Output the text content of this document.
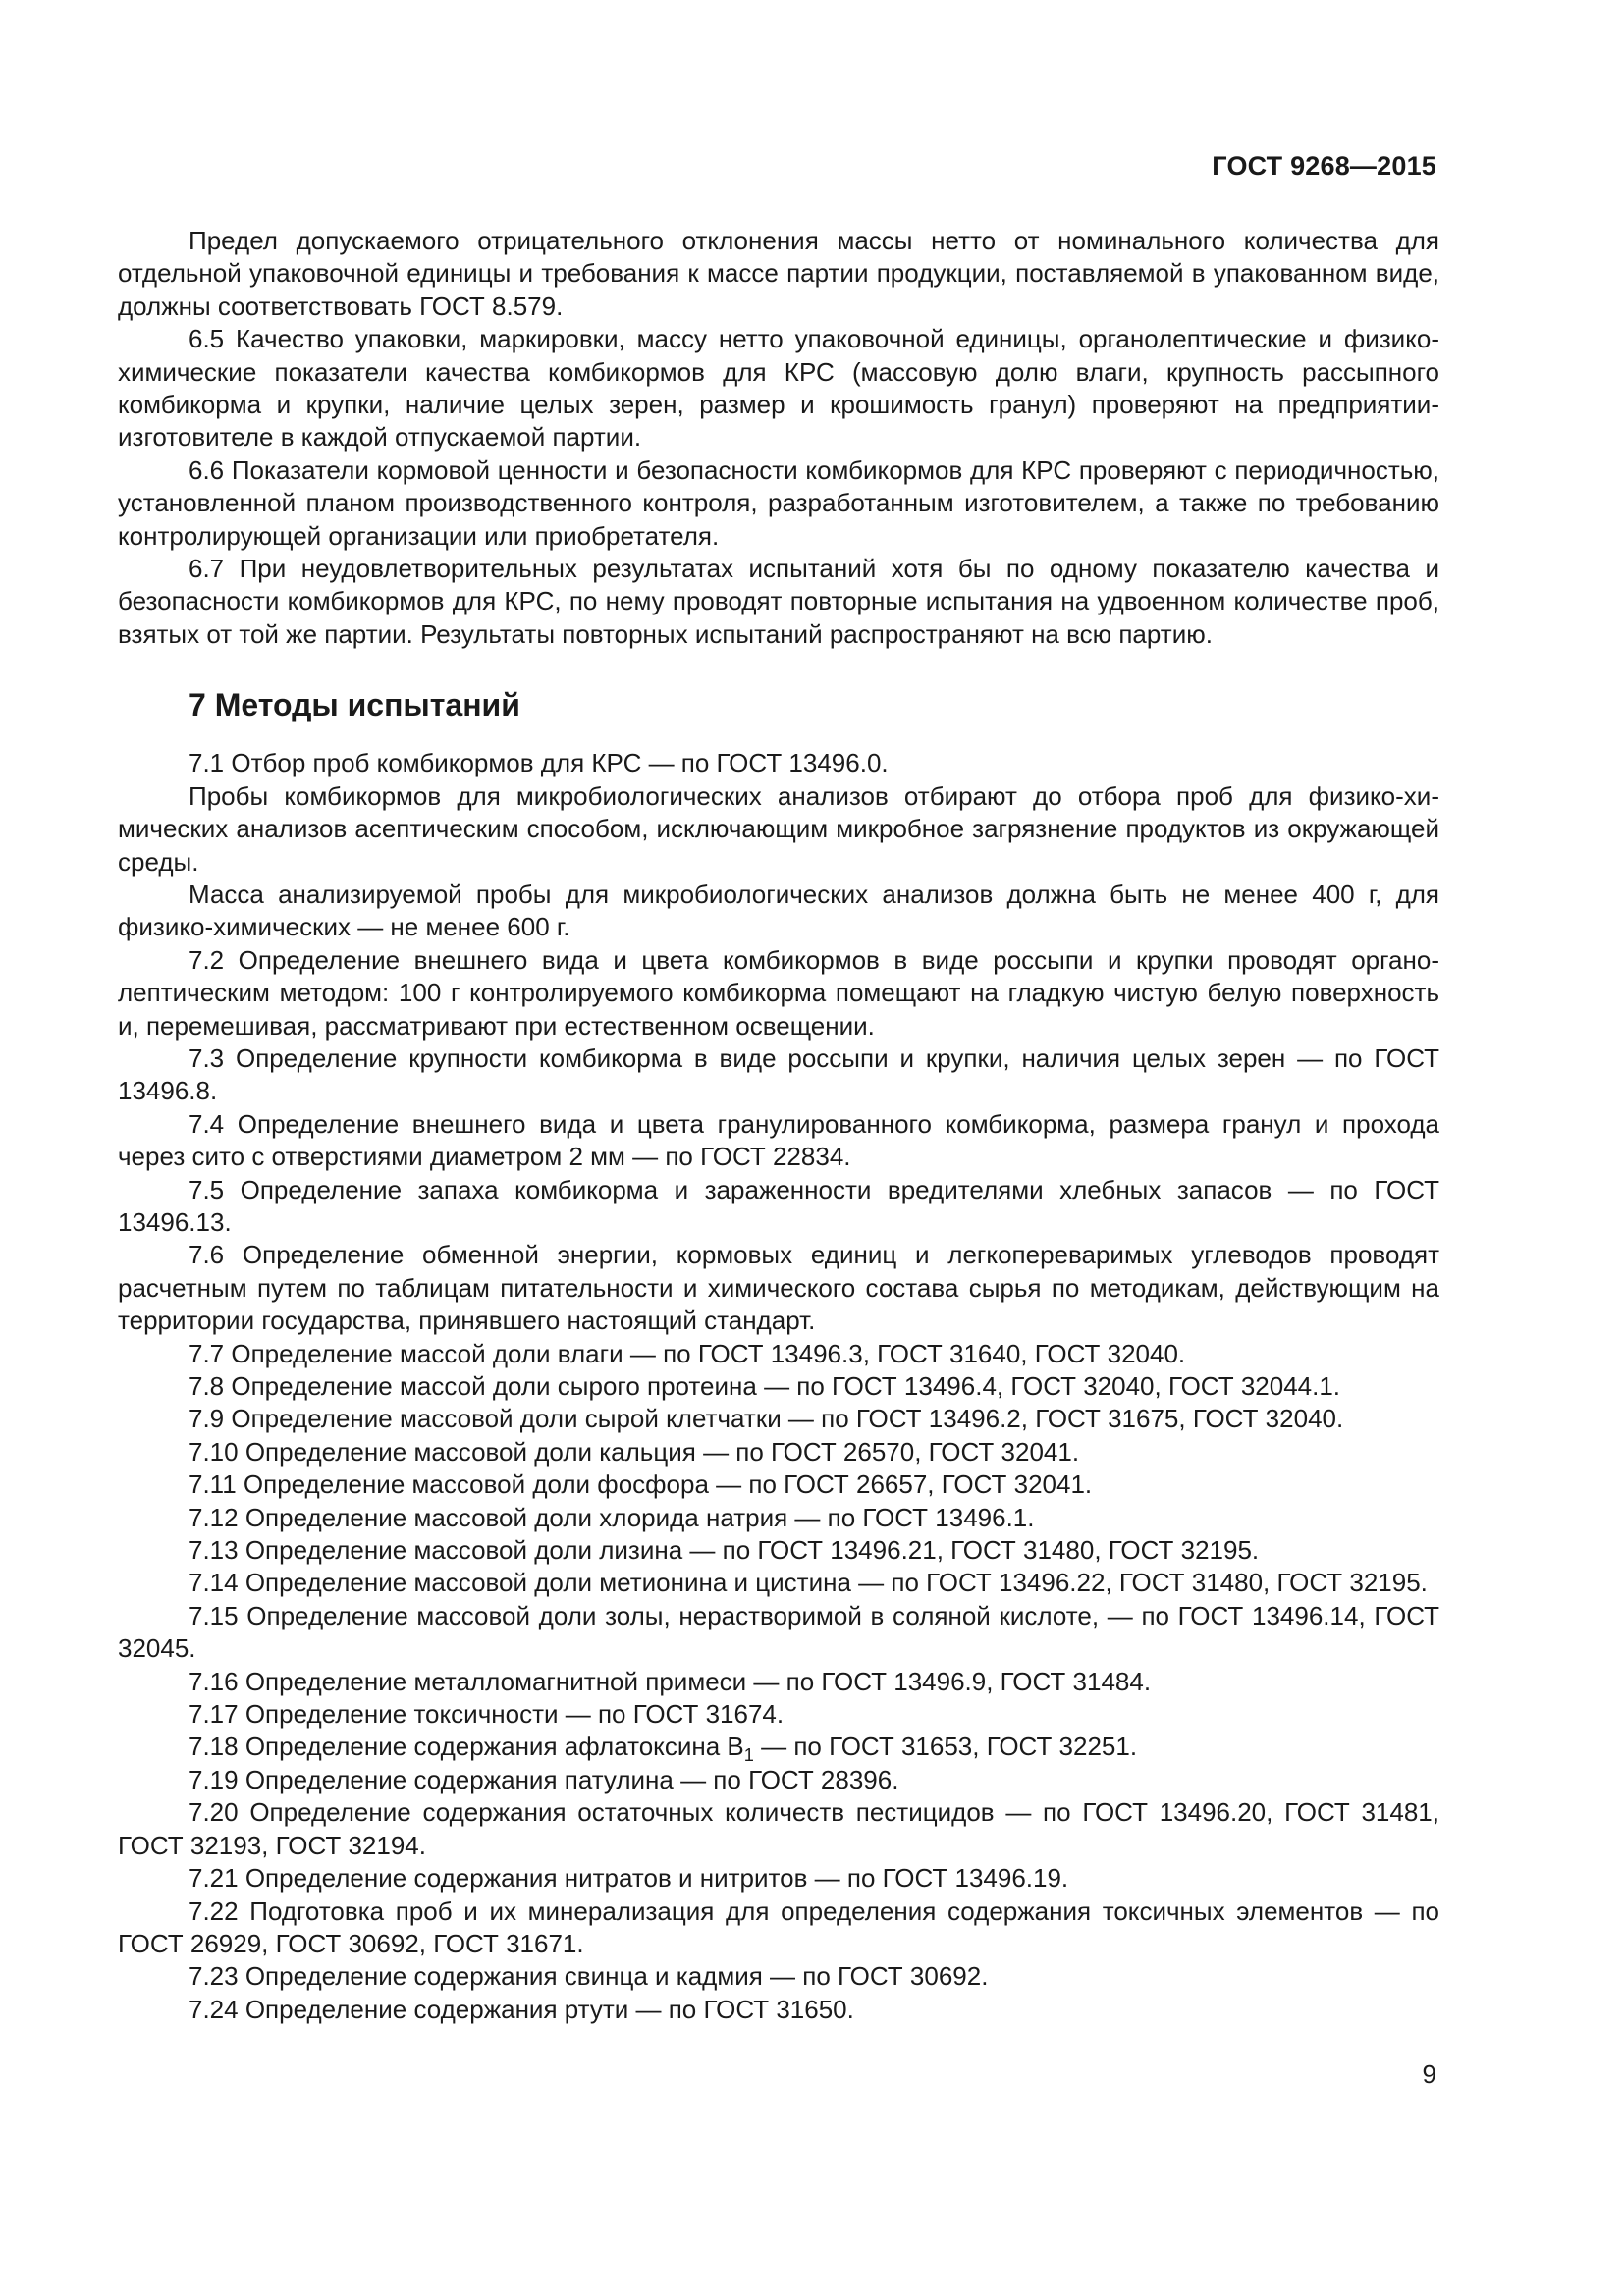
ГОСТ 9268—2015

Предел допускаемого отрицательного отклонения массы нетто от номинального количества для отдельной упаковочной единицы и требования к массе партии продукции, поставляемой в упакованном виде, должны соответствовать ГОСТ 8.579.

6.5 Качество упаковки, маркировки, массу нетто упаковочной единицы, органолептические и физико-химические показатели качества комбикормов для КРС (массовую долю влаги, крупность рассыпного комбикорма и крупки, наличие целых зерен, размер и крошимость гранул) проверяют на предприятии-изготовителе в каждой отпускаемой партии.

6.6 Показатели кормовой ценности и безопасности комбикормов для КРС проверяют с периодичностью, установленной планом производственного контроля, разработанным изготовителем, а также по требованию контролирующей организации или приобретателя.

6.7 При неудовлетворительных результатах испытаний хотя бы по одному показателю качества и безопасности комбикормов для КРС, по нему проводят повторные испытания на удвоенном количестве проб, взятых от той же партии. Результаты повторных испытаний распространяют на всю партию.

7 Методы испытаний

7.1 Отбор проб комбикормов для КРС — по ГОСТ 13496.0.

Пробы комбикормов для микробиологических анализов отбирают до отбора проб для физико-химических анализов асептическим способом, исключающим микробное загрязнение продуктов из окружающей среды.

Масса анализируемой пробы для микробиологических анализов должна быть не менее 400 г, для физико-химических — не менее 600 г.

7.2 Определение внешнего вида и цвета комбикормов в виде россыпи и крупки проводят органолептическим методом: 100 г контролируемого комбикорма помещают на гладкую чистую белую поверхность и, перемешивая, рассматривают при естественном освещении.

7.3 Определение крупности комбикорма в виде россыпи и крупки, наличия целых зерен — по ГОСТ 13496.8.

7.4 Определение внешнего вида и цвета гранулированного комбикорма, размера гранул и прохода через сито с отверстиями диаметром 2 мм — по ГОСТ 22834.

7.5 Определение запаха комбикорма и зараженности вредителями хлебных запасов — по ГОСТ 13496.13.

7.6 Определение обменной энергии, кормовых единиц и легкопереваримых углеводов проводят расчетным путем по таблицам питательности и химического состава сырья по методикам, действующим на территории государства, принявшего настоящий стандарт.

7.7 Определение массой доли влаги — по ГОСТ 13496.3, ГОСТ 31640, ГОСТ 32040.

7.8 Определение массой доли сырого протеина — по ГОСТ 13496.4, ГОСТ 32040, ГОСТ 32044.1.

7.9 Определение массовой доли сырой клетчатки — по ГОСТ 13496.2, ГОСТ 31675, ГОСТ 32040.

7.10 Определение массовой доли кальция — по ГОСТ 26570, ГОСТ 32041.

7.11 Определение массовой доли фосфора — по ГОСТ 26657, ГОСТ 32041.

7.12 Определение массовой доли хлорида натрия — по ГОСТ 13496.1.

7.13 Определение массовой доли лизина — по ГОСТ 13496.21, ГОСТ 31480, ГОСТ 32195.

7.14 Определение массовой доли метионина и цистина — по ГОСТ 13496.22, ГОСТ 31480, ГОСТ 32195.

7.15 Определение массовой доли золы, нерастворимой в соляной кислоте, — по ГОСТ 13496.14, ГОСТ 32045.

7.16 Определение металломагнитной примеси — по ГОСТ 13496.9, ГОСТ 31484.

7.17 Определение токсичности — по ГОСТ 31674.

7.18 Определение содержания афлатоксина $В_1$ — по ГОСТ 31653, ГОСТ 32251.

7.19 Определение содержания патулина — по ГОСТ 28396.

7.20 Определение содержания остаточных количеств пестицидов — по ГОСТ 13496.20, ГОСТ 31481, ГОСТ 32193, ГОСТ 32194.

7.21 Определение содержания нитратов и нитритов — по ГОСТ 13496.19.

7.22 Подготовка проб и их минерализация для определения содержания токсичных элементов — по ГОСТ 26929, ГОСТ 30692, ГОСТ 31671.

7.23 Определение содержания свинца и кадмия — по ГОСТ 30692.

7.24 Определение содержания ртути — по ГОСТ 31650.

9
